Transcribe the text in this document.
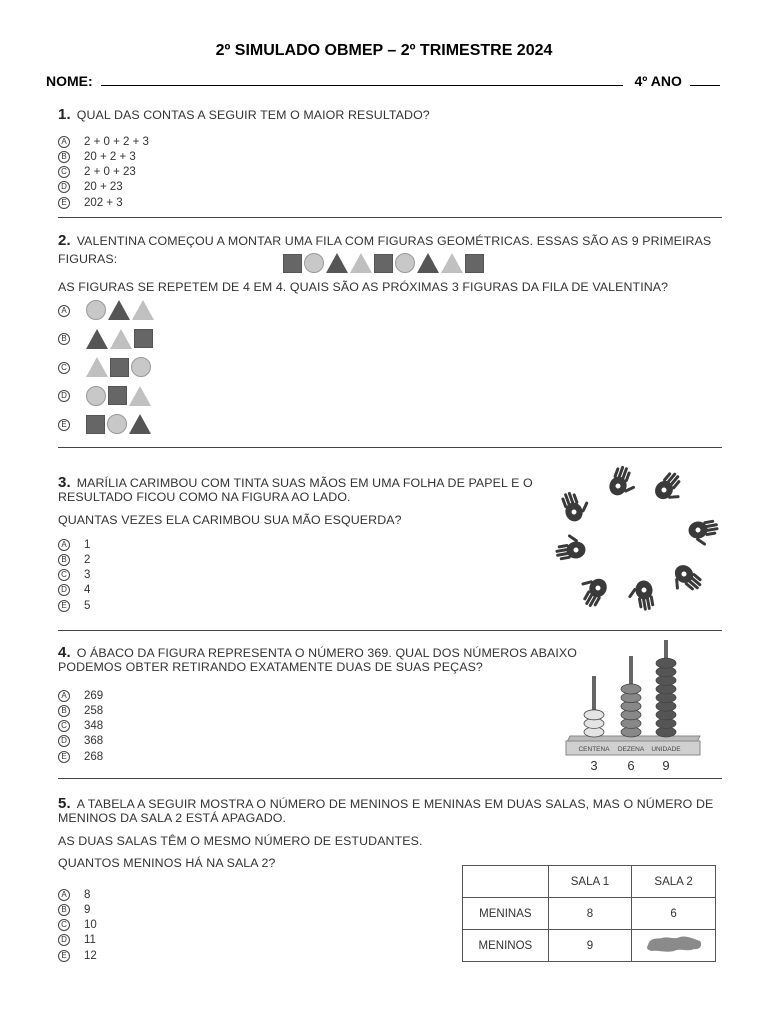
2º SIMULADO OBMEP – 2º TRIMESTRE 2024
NOME:	4º ANO
1. QUAL DAS CONTAS A SEGUIR TEM O MAIOR RESULTADO?
A 2 + 0 + 2 + 3
B 20 + 2 + 3
C 2 + 0 + 23
D 20 + 23
E 202 + 3
2. VALENTINA COMEÇOU A MONTAR UMA FILA COM FIGURAS GEOMÉTRICAS. ESSAS SÃO AS 9 PRIMEIRAS
FIGURAS:
AS FIGURAS SE REPETEM DE 4 EM 4. QUAIS SÃO AS PRÓXIMAS 3 FIGURAS DA FILA DE VALENTINA?
A
B
C
D
E
3. MARÍLIA CARIMBOU COM TINTA SUAS MÃOS EM UMA FOLHA DE PAPEL E O
RESULTADO FICOU COMO NA FIGURA AO LADO.
QUANTAS VEZES ELA CARIMBOU SUA MÃO ESQUERDA?
A 1
B 2
C 3
D 4
E 5
4. O ÁBACO DA FIGURA REPRESENTA O NÚMERO 369. QUAL DOS NÚMEROS ABAIXO
PODEMOS OBTER RETIRANDO EXATAMENTE DUAS DE SUAS PEÇAS?
A 269
B 258
C 348
D 368
E 268
CENTENA DEZENA UNIDADE
3 6 9
5. A TABELA A SEGUIR MOSTRA O NÚMERO DE MENINOS E MENINAS EM DUAS SALAS, MAS O NÚMERO DE
MENINOS DA SALA 2 ESTÁ APAGADO.
AS DUAS SALAS TÊM O MESMO NÚMERO DE ESTUDANTES.
QUANTOS MENINOS HÁ NA SALA 2?
A 8
B 9
C 10
D 11
E 12
	SALA 1	SALA 2
MENINAS	8	6
MENINOS	9	
